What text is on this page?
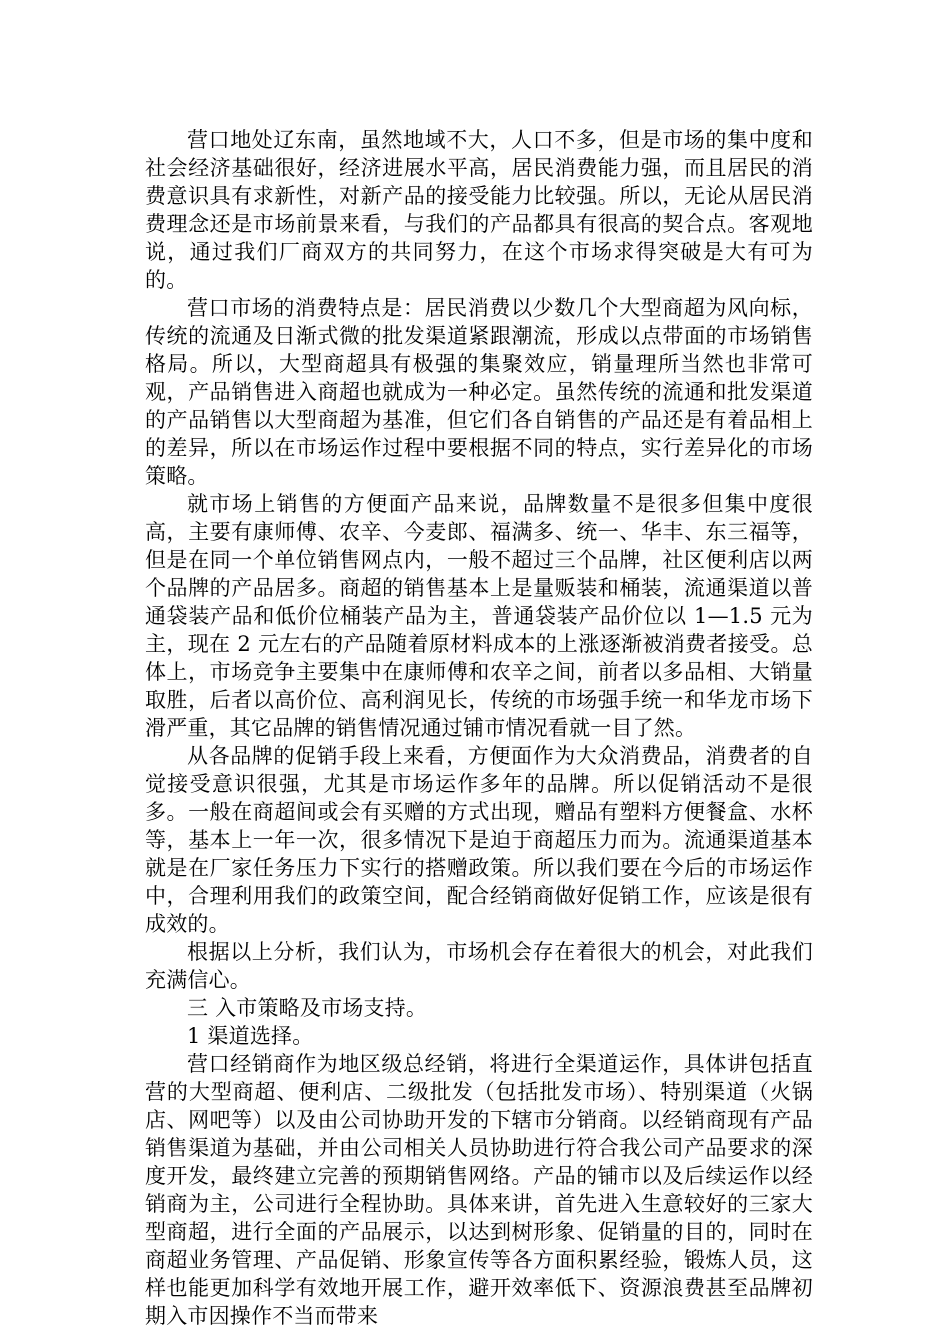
营口地处辽东南，虽然地域不大，人口不多，但是市场的集中度和社会经济基础很好，经济进展水平高，居民消费能力强，而且居民的消费意识具有求新性，对新产品的接受能力比较强。所以，无论从居民消费理念还是市场前景来看，与我们的产品都具有很高的契合点。客观地说，通过我们厂商双方的共同努力，在这个市场求得突破是大有可为的。

营口市场的消费特点是：居民消费以少数几个大型商超为风向标，传统的流通及日渐式微的批发渠道紧跟潮流，形成以点带面的市场销售格局。所以，大型商超具有极强的集聚效应，销量理所当然也非常可观，产品销售进入商超也就成为一种必定。虽然传统的流通和批发渠道的产品销售以大型商超为基准，但它们各自销售的产品还是有着品相上的差异，所以在市场运作过程中要根据不同的特点，实行差异化的市场策略。

就市场上销售的方便面产品来说，品牌数量不是很多但集中度很高，主要有康师傅、农辛、今麦郎、福满多、统一、华丰、东三福等，但是在同一个单位销售网点内，一般不超过三个品牌，社区便利店以两个品牌的产品居多。商超的销售基本上是量贩装和桶装，流通渠道以普通袋装产品和低价位桶装产品为主，普通袋装产品价位以 1—1.5 元为主，现在 2 元左右的产品随着原材料成本的上涨逐渐被消费者接受。总体上，市场竞争主要集中在康师傅和农辛之间，前者以多品相、大销量取胜，后者以高价位、高利润见长，传统的市场强手统一和华龙市场下滑严重，其它品牌的销售情况通过铺市情况看就一目了然。

从各品牌的促销手段上来看，方便面作为大众消费品，消费者的自觉接受意识很强，尤其是市场运作多年的品牌。所以促销活动不是很多。一般在商超间或会有买赠的方式出现，赠品有塑料方便餐盒、水杯等，基本上一年一次，很多情况下是迫于商超压力而为。流通渠道基本就是在厂家任务压力下实行的搭赠政策。所以我们要在今后的市场运作中，合理利用我们的政策空间，配合经销商做好促销工作，应该是很有成效的。

根据以上分析，我们认为，市场机会存在着很大的机会，对此我们充满信心。

三 入市策略及市场支持。

1 渠道选择。

营口经销商作为地区级总经销，将进行全渠道运作，具体讲包括直营的大型商超、便利店、二级批发（包括批发市场）、特别渠道（火锅店、网吧等）以及由公司协助开发的下辖市分销商。以经销商现有产品销售渠道为基础，并由公司相关人员协助进行符合我公司产品要求的深度开发，最终建立完善的预期销售网络。产品的铺市以及后续运作以经销商为主，公司进行全程协助。具体来讲，首先进入生意较好的三家大型商超，进行全面的产品展示，以达到树形象、促销量的目的，同时在商超业务管理、产品促销、形象宣传等各方面积累经验，锻炼人员，这样也能更加科学有效地开展工作，避开效率低下、资源浪费甚至品牌初期入市因操作不当而带来
